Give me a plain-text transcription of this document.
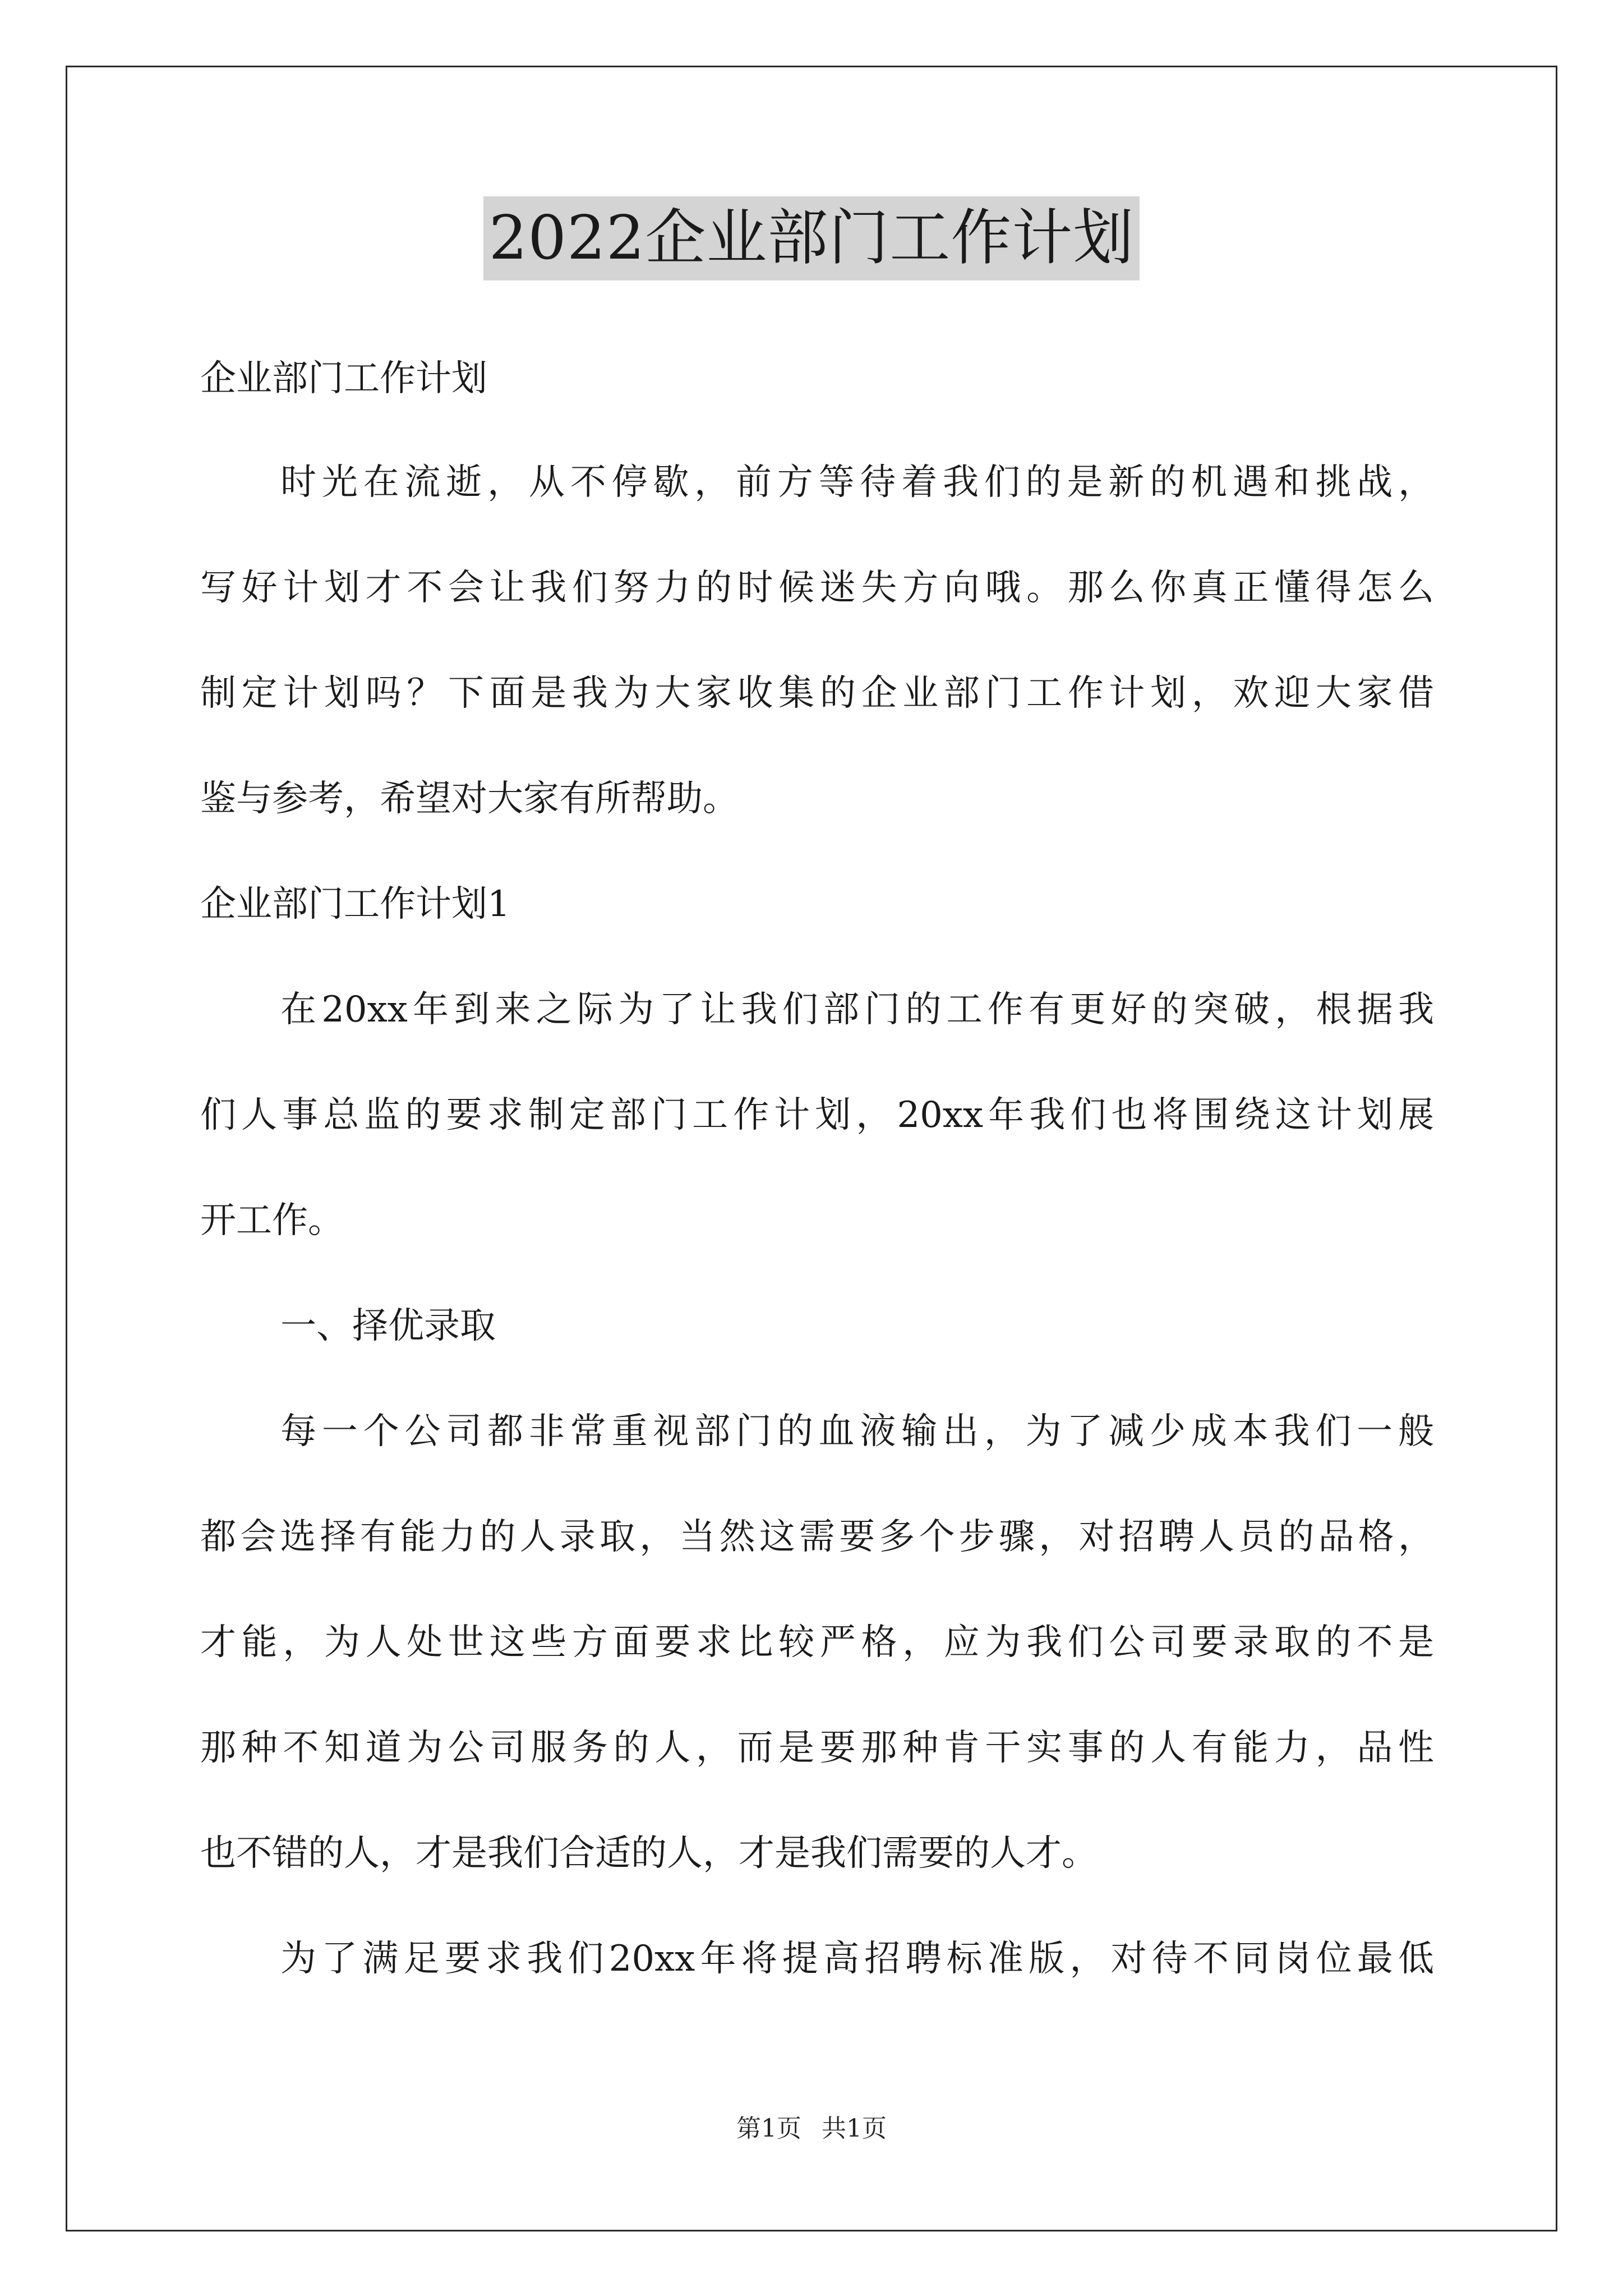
2022企业部门工作计划
企业部门工作计划
时光在流逝，从不停歇，前方等待着我们的是新的机遇和挑战，
写好计划才不会让我们努力的时候迷失方向哦。那么你真正懂得怎么
制定计划吗？下面是我为大家收集的企业部门工作计划，欢迎大家借
鉴与参考，希望对大家有所帮助。
企业部门工作计划1
在20xx年到来之际为了让我们部门的工作有更好的突破，根据我
们人事总监的要求制定部门工作计划，20xx年我们也将围绕这计划展
开工作。
一、择优录取
每一个公司都非常重视部门的血液输出，为了减少成本我们一般
都会选择有能力的人录取，当然这需要多个步骤，对招聘人员的品格，
才能，为人处世这些方面要求比较严格，应为我们公司要录取的不是
那种不知道为公司服务的人，而是要那种肯干实事的人有能力，品性
也不错的人，才是我们合适的人，才是我们需要的人才。
为了满足要求我们20xx年将提高招聘标准版，对待不同岗位最低
第1页 共1页
